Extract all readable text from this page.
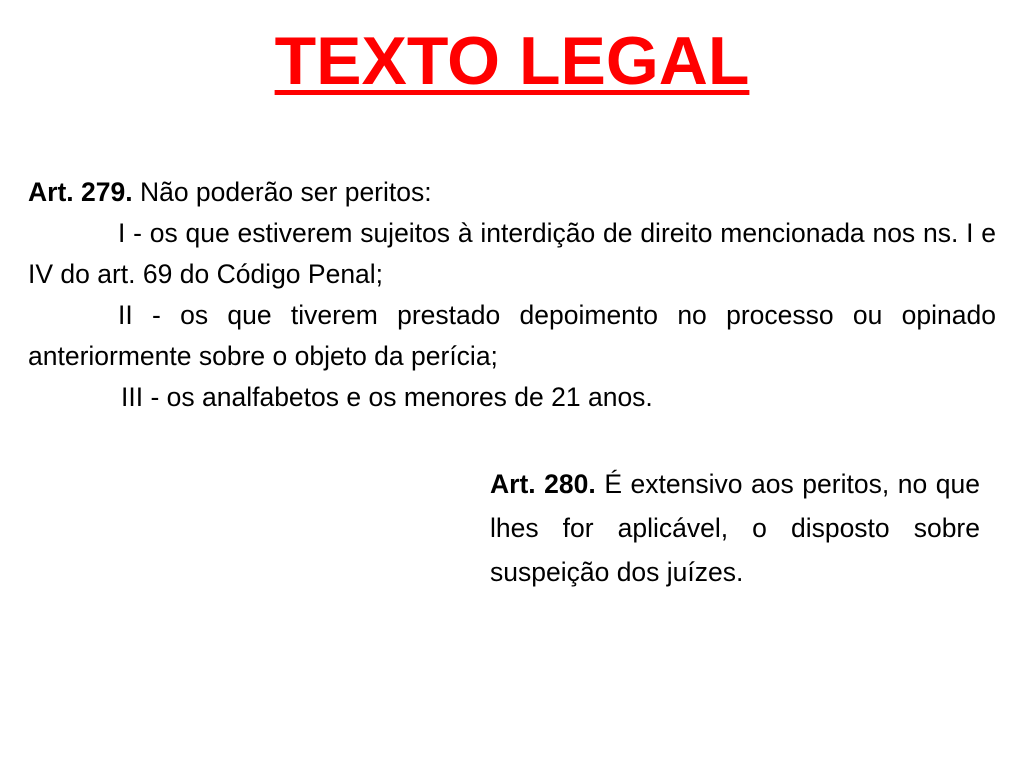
TEXTO LEGAL

Art. 279. Não poderão ser peritos:

I - os que estiverem sujeitos à interdição de direito mencionada nos ns. I e IV do art. 69 do Código Penal;

II - os que tiverem prestado depoimento no processo ou opinado anteriormente sobre o objeto da perícia;

III - os analfabetos e os menores de 21 anos.

Art. 280. É extensivo aos peritos, no que lhes for aplicável, o disposto sobre suspeição dos juízes.
